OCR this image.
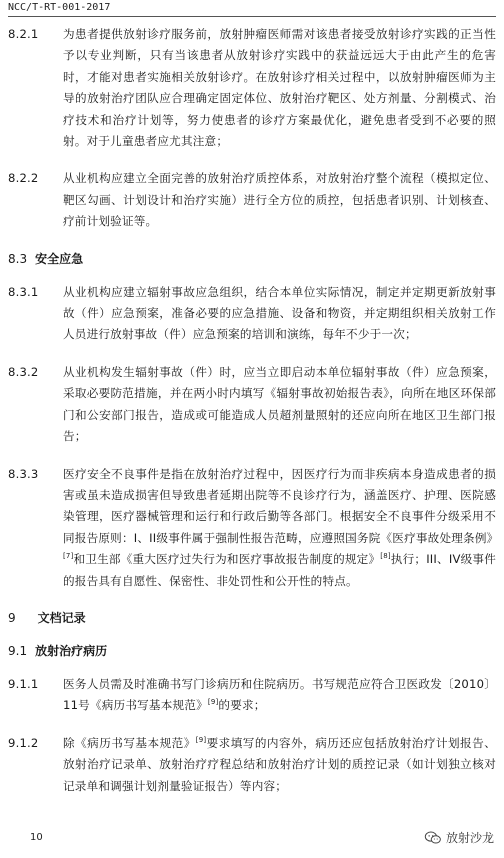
NCC/T-RT-001-2017
8.2.1 为患者提供放射诊疗服务前，放射肿瘤医师需对该患者接受放射诊疗实践的正当性予以专业判断，只有当该患者从放射诊疗实践中的获益远远大于由此产生的危害时，才能对患者实施相关放射诊疗。在放射诊疗相关过程中，以放射肿瘤医师为主导的放射治疗团队应合理确定固定体位、放射治疗靶区、处方剂量、分割模式、治疗技术和治疗计划等，努力使患者的诊疗方案最优化，避免患者受到不必要的照射。对于儿童患者应尤其注意；
8.2.2 从业机构应建立全面完善的放射治疗质控体系，对放射治疗整个流程（模拟定位、靶区勾画、计划设计和治疗实施）进行全方位的质控，包括患者识别、计划核查、疗前计划验证等。
8.3 安全应急
8.3.1 从业机构应建立辐射事故应急组织，结合本单位实际情况，制定并定期更新放射事故（件）应急预案，准备必要的应急措施、设备和物资，并定期组织相关放射工作人员进行放射事故（件）应急预案的培训和演练，每年不少于一次；
8.3.2 从业机构发生辐射事故（件）时，应当立即启动本单位辐射事故（件）应急预案，采取必要防范措施，并在两小时内填写《辐射事故初始报告表》，向所在地区环保部门和公安部门报告，造成或可能造成人员超剂量照射的还应向所在地区卫生部门报告；
8.3.3 医疗安全不良事件是指在放射治疗过程中，因医疗行为而非疾病本身造成患者的损害或虽未造成损害但导致患者延期出院等不良诊疗行为，涵盖医疗、护理、医院感染管理，医疗器械管理和运行和行政后勤等各部门。根据安全不良事件分级采用不同报告原则：I、II级事件属于强制性报告范畴，应遵照国务院《医疗事故处理条例》[7]和卫生部《重大医疗过失行为和医疗事故报告制度的规定》[8]执行；III、IV级事件的报告具有自愿性、保密性、非处罚性和公开性的特点。
9 文档记录
9.1 放射治疗病历
9.1.1 医务人员需及时准确书写门诊病历和住院病历。书写规范应符合卫医政发〔2010〕11号《病历书写基本规范》[9]的要求；
9.1.2 除《病历书写基本规范》[9]要求填写的内容外，病历还应包括放射治疗计划报告、放射治疗记录单、放射治疗疗程总结和放射治疗计划的质控记录（如计划独立核对记录单和调强计划剂量验证报告）等内容；
10	放射沙龙
